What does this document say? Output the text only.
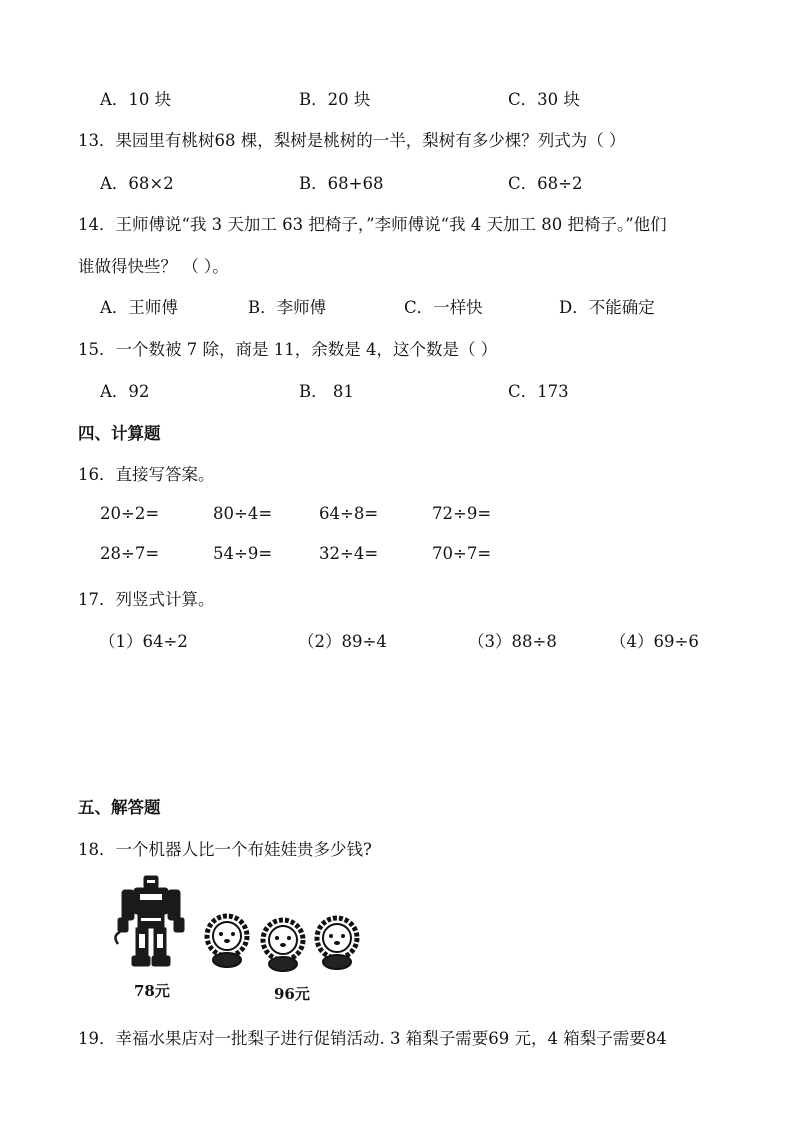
A．10 块	B．20 块	C．30 块
13．果园里有桃树68 棵，梨树是桃树的一半，梨树有多少棵？列式为（ ）
A．68×2	B．68+68	C．68÷2
14．王师傅说“我 3 天加工 63 把椅子，”李师傅说“我 4 天加工 80 把椅子。”他们
谁做得快些？ （ ）。
A．王师傅	B．李师傅	C．一样快	D．不能确定
15．一个数被 7 除，商是 11，余数是 4，这个数是（ ）
A．92	B． 81	C．173
四、计算题
16．直接写答案。
20÷2=	80÷4=	64÷8=	72÷9=
28÷7=	54÷9=	32÷4=	70÷7=
17．列竖式计算。
（1）64÷2	（2）89÷4	（3）88÷8	（4）69÷6
五、解答题
18．一个机器人比一个布娃娃贵多少钱?
78元	96元
19．幸福水果店对一批梨子进行促销活动. 3 箱梨子需要69 元，4 箱梨子需要84
